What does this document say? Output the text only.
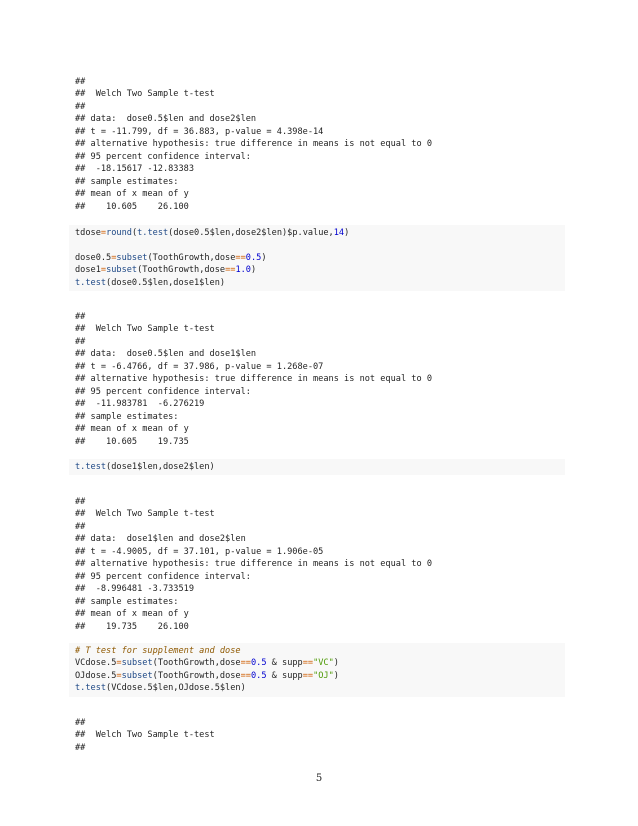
##
##  Welch Two Sample t-test
##
## data:  dose0.5$len and dose2$len
## t = -11.799, df = 36.883, p-value = 4.398e-14
## alternative hypothesis: true difference in means is not equal to 0
## 95 percent confidence interval:
##  -18.15617 -12.83383
## sample estimates:
## mean of x mean of y
##    10.605    26.100
tdose=round(t.test(dose0.5$len,dose2$len)$p.value,14)
dose0.5=subset(ToothGrowth,dose==0.5)
dose1=subset(ToothGrowth,dose==1.0)
t.test(dose0.5$len,dose1$len)
##
##  Welch Two Sample t-test
##
## data:  dose0.5$len and dose1$len
## t = -6.4766, df = 37.986, p-value = 1.268e-07
## alternative hypothesis: true difference in means is not equal to 0
## 95 percent confidence interval:
##  -11.983781  -6.276219
## sample estimates:
## mean of x mean of y
##    10.605    19.735
t.test(dose1$len,dose2$len)
##
##  Welch Two Sample t-test
##
## data:  dose1$len and dose2$len
## t = -4.9005, df = 37.101, p-value = 1.906e-05
## alternative hypothesis: true difference in means is not equal to 0
## 95 percent confidence interval:
##  -8.996481 -3.733519
## sample estimates:
## mean of x mean of y
##    19.735    26.100
# T test for supplement and dose
VCdose.5=subset(ToothGrowth,dose==0.5 & supp=="VC")
OJdose.5=subset(ToothGrowth,dose==0.5 & supp=="OJ")
t.test(VCdose.5$len,OJdose.5$len)
##
##  Welch Two Sample t-test
##
5
